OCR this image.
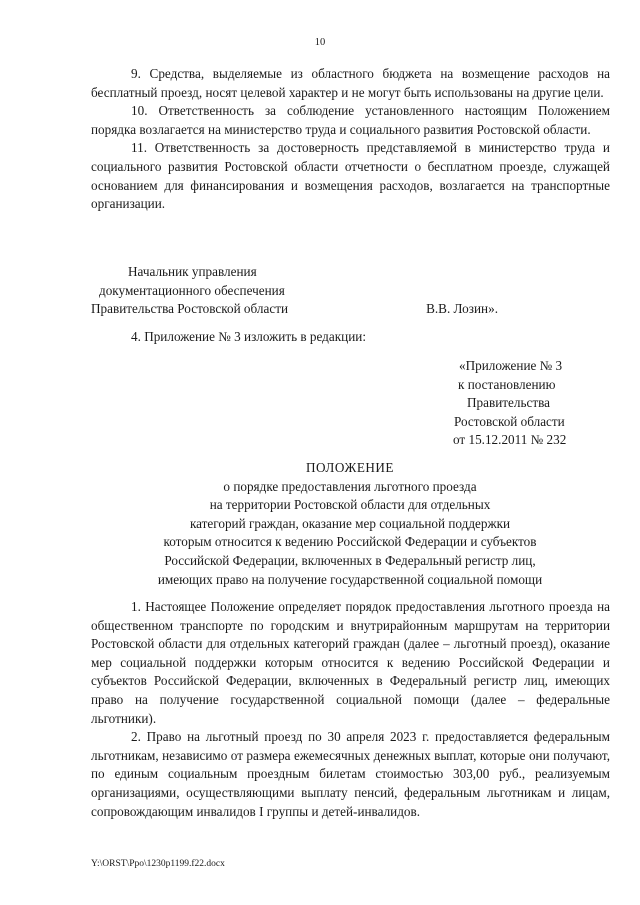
10

9. Средства, выделяемые из областного бюджета на возмещение расходов на бесплатный проезд, носят целевой характер и не могут быть использованы на другие цели.

10. Ответственность за соблюдение установленного настоящим Положением порядка возлагается на министерство труда и социального развития Ростовской области.

11. Ответственность за достоверность представляемой в министерство труда и социального развития Ростовской области отчетности о бесплатном проезде, служащей основанием для финансирования и возмещения расходов, возлагается на транспортные организации.

Начальник управления
документационного обеспечения
Правительства Ростовской области	В.В. Лозин».
4. Приложение № 3 изложить в редакции:
«Приложение № 3
к постановлению
Правительства
Ростовской области
от 15.12.2011 № 232
ПОЛОЖЕНИЕ
о порядке предоставления льготного проезда
на территории Ростовской области для отдельных
категорий граждан, оказание мер социальной поддержки
которым относится к ведению Российской Федерации и субъектов
Российской Федерации, включенных в Федеральный регистр лиц,
имеющих право на получение государственной социальной помощи

1. Настоящее Положение определяет порядок предоставления льготного проезда на общественном транспорте по городским и внутрирайонным маршрутам на территории Ростовской области для отдельных категорий граждан (далее – льготный проезд), оказание мер социальной поддержки которым относится к ведению Российской Федерации и субъектов Российской Федерации, включенных в Федеральный регистр лиц, имеющих право на получение государственной социальной помощи (далее – федеральные льготники).

2. Право на льготный проезд по 30 апреля 2023 г. предоставляется федеральным льготникам, независимо от размера ежемесячных денежных выплат, которые они получают, по единым социальным проездным билетам стоимостью 303,00 руб., реализуемым организациями, осуществляющими выплату пенсий, федеральным льготникам и лицам, сопровождающим инвалидов I группы и детей-инвалидов.

Y:\ORST\Ppo\1230p1199.f22.docx
